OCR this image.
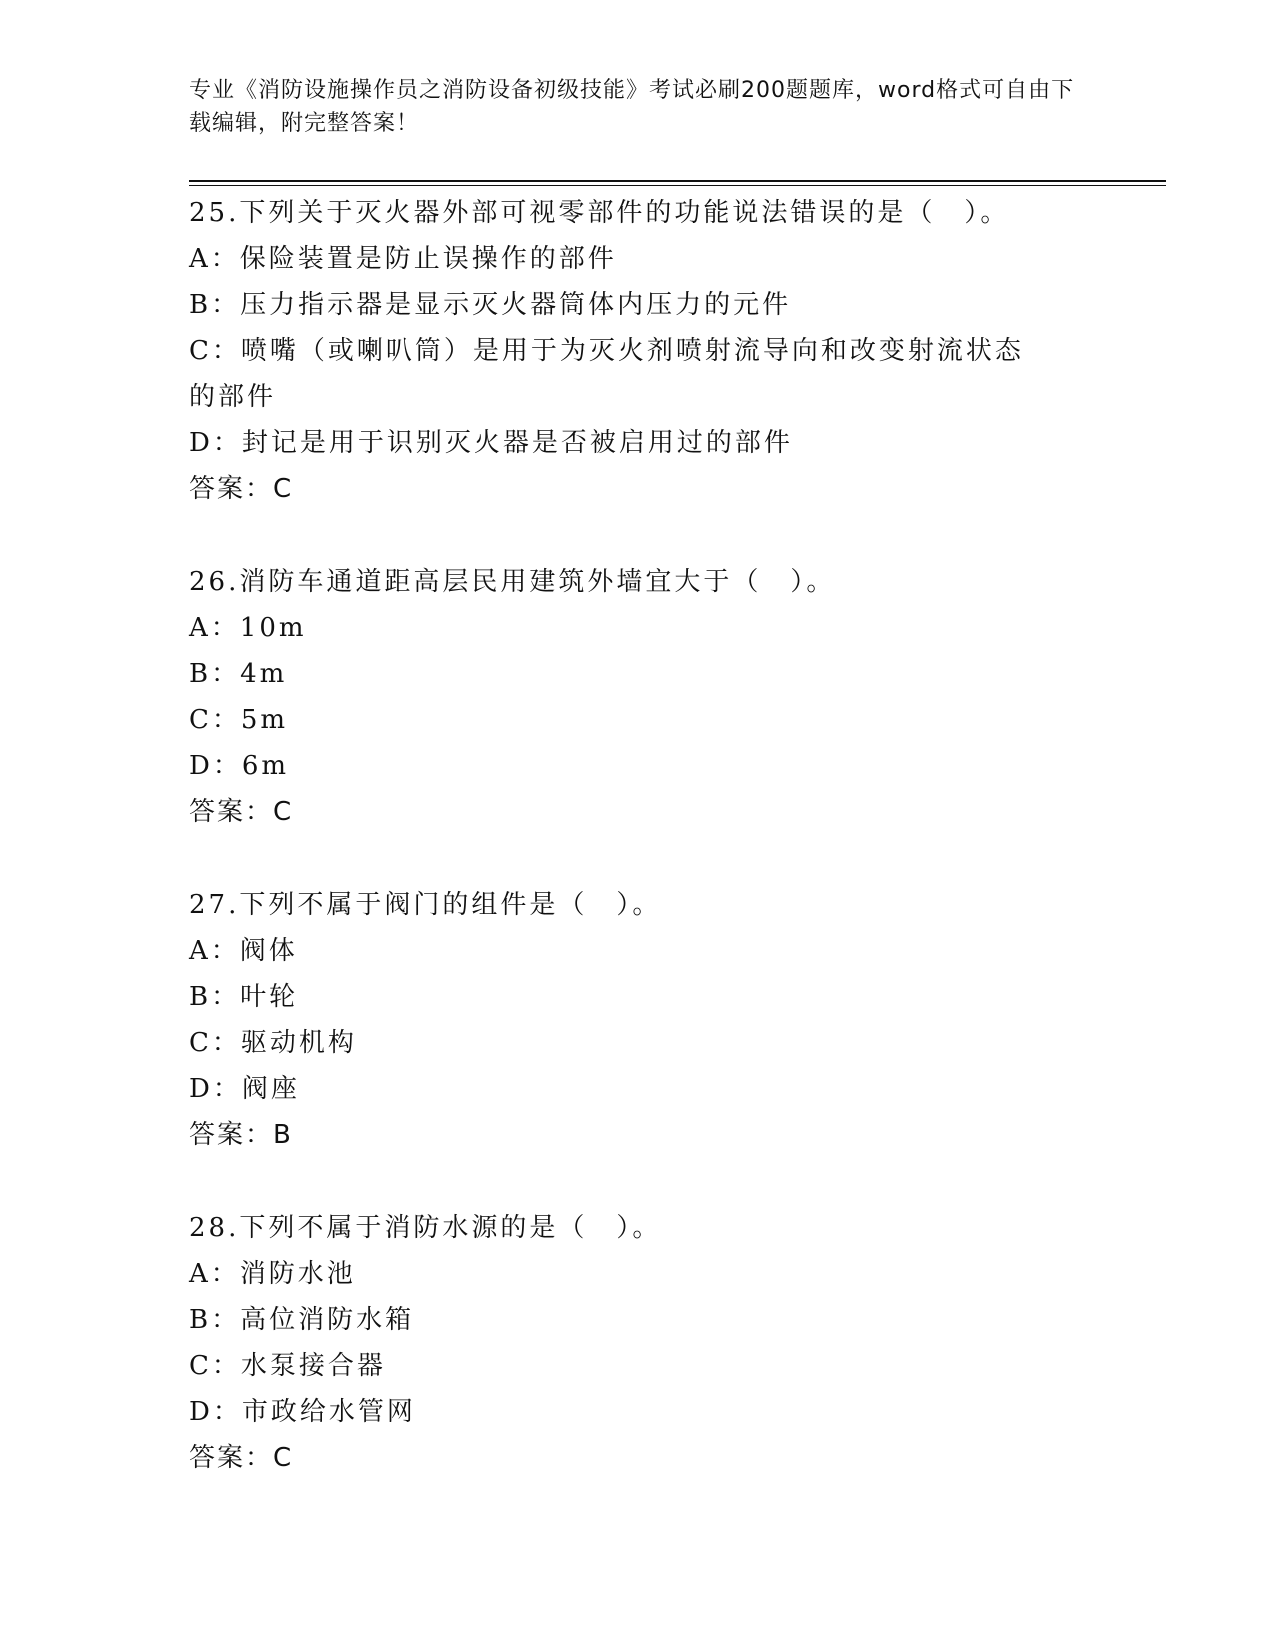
专业《消防设施操作员之消防设备初级技能》考试必刷200题题库，word格式可自由下载编辑，附完整答案！
25.下列关于灭火器外部可视零部件的功能说法错误的是（　）。
A：保险装置是防止误操作的部件
B：压力指示器是显示灭火器筒体内压力的元件
C：喷嘴（或喇叭筒）是用于为灭火剂喷射流导向和改变射流状态的部件
D：封记是用于识别灭火器是否被启用过的部件
答案：C
26.消防车通道距高层民用建筑外墙宜大于（　）。
A：10m
B：4m
C：5m
D：6m
答案：C
27.下列不属于阀门的组件是（　）。
A：阀体
B：叶轮
C：驱动机构
D：阀座
答案：B
28.下列不属于消防水源的是（　）。
A：消防水池
B：高位消防水箱
C：水泵接合器
D：市政给水管网
答案：C
